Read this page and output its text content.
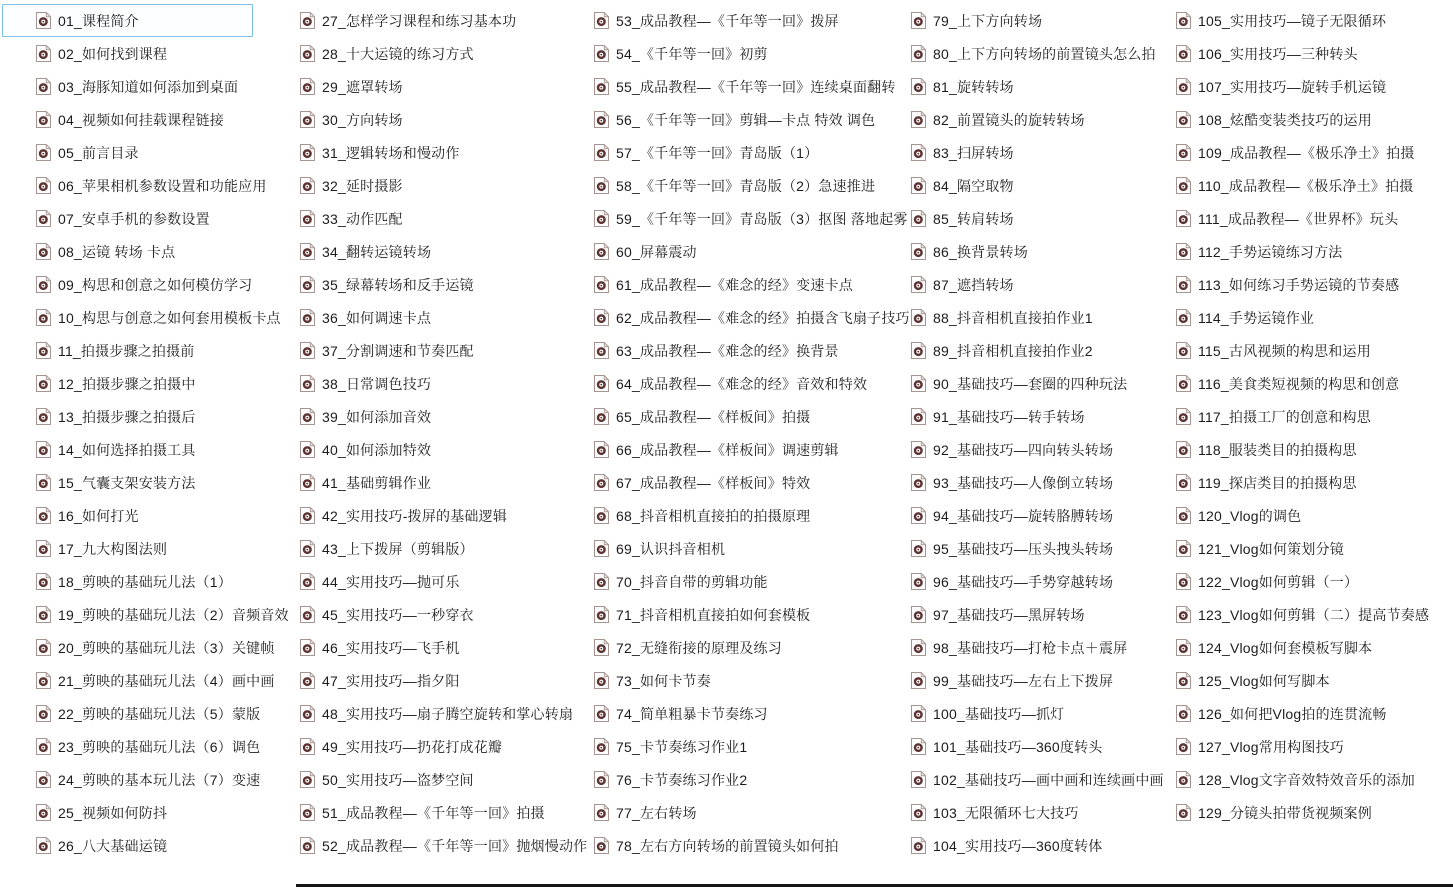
01_课程简介
02_如何找到课程
03_海豚知道如何添加到桌面
04_视频如何挂载课程链接
05_前言目录
06_苹果相机参数设置和功能应用
07_安卓手机的参数设置
08_运镜 转场 卡点
09_构思和创意之如何模仿学习
10_构思与创意之如何套用模板卡点
11_拍摄步骤之拍摄前
12_拍摄步骤之拍摄中
13_拍摄步骤之拍摄后
14_如何选择拍摄工具
15_气囊支架安装方法
16_如何打光
17_九大构图法则
18_剪映的基础玩儿法（1）
19_剪映的基础玩儿法（2）音频音效
20_剪映的基础玩儿法（3）关键帧
21_剪映的基础玩儿法（4）画中画
22_剪映的基础玩儿法（5）蒙版
23_剪映的基础玩儿法（6）调色
24_剪映的基本玩儿法（7）变速
25_视频如何防抖
26_八大基础运镜
27_怎样学习课程和练习基本功
28_十大运镜的练习方式
29_遮罩转场
30_方向转场
31_逻辑转场和慢动作
32_延时摄影
33_动作匹配
34_翻转运镜转场
35_绿幕转场和反手运镜
36_如何调速卡点
37_分割调速和节奏匹配
38_日常调色技巧
39_如何添加音效
40_如何添加特效
41_基础剪辑作业
42_实用技巧-拨屏的基础逻辑
43_上下拨屏（剪辑版）
44_实用技巧—抛可乐
45_实用技巧—一秒穿衣
46_实用技巧—飞手机
47_实用技巧—指夕阳
48_实用技巧—扇子腾空旋转和掌心转扇
49_实用技巧—扔花打成花瓣
50_实用技巧—盗梦空间
51_成品教程—《千年等一回》拍摄
52_成品教程—《千年等一回》抛烟慢动作
53_成品教程—《千年等一回》拨屏
54_《千年等一回》初剪
55_成品教程—《千年等一回》连续桌面翻转
56_《千年等一回》剪辑—卡点 特效 调色
57_《千年等一回》青岛版（1）
58_《千年等一回》青岛版（2）急速推进
59_《千年等一回》青岛版（3）抠图 落地起雾
60_屏幕震动
61_成品教程—《难念的经》变速卡点
62_成品教程—《难念的经》拍摄含飞扇子技巧
63_成品教程—《难念的经》换背景
64_成品教程—《难念的经》音效和特效
65_成品教程—《样板间》拍摄
66_成品教程—《样板间》调速剪辑
67_成品教程—《样板间》特效
68_抖音相机直接拍的拍摄原理
69_认识抖音相机
70_抖音自带的剪辑功能
71_抖音相机直接拍如何套模板
72_无缝衔接的原理及练习
73_如何卡节奏
74_简单粗暴卡节奏练习
75_卡节奏练习作业1
76_卡节奏练习作业2
77_左右转场
78_左右方向转场的前置镜头如何拍
79_上下方向转场
80_上下方向转场的前置镜头怎么拍
81_旋转转场
82_前置镜头的旋转转场
83_扫屏转场
84_隔空取物
85_转肩转场
86_换背景转场
87_遮挡转场
88_抖音相机直接拍作业1
89_抖音相机直接拍作业2
90_基础技巧—套圈的四种玩法
91_基础技巧—转手转场
92_基础技巧—四向转头转场
93_基础技巧—人像倒立转场
94_基础技巧—旋转胳膊转场
95_基础技巧—压头拽头转场
96_基础技巧—手势穿越转场
97_基础技巧—黑屏转场
98_基础技巧—打枪卡点＋震屏
99_基础技巧—左右上下拨屏
100_基础技巧—抓灯
101_基础技巧—360度转头
102_基础技巧—画中画和连续画中画
103_无限循环七大技巧
104_实用技巧—360度转体
105_实用技巧—镜子无限循环
106_实用技巧—三种转头
107_实用技巧—旋转手机运镜
108_炫酷变装类技巧的运用
109_成品教程—《极乐净土》拍摄
110_成品教程—《极乐净土》拍摄
111_成品教程—《世界杯》玩头
112_手势运镜练习方法
113_如何练习手势运镜的节奏感
114_手势运镜作业
115_古风视频的构思和运用
116_美食类短视频的构思和创意
117_拍摄工厂的创意和构思
118_服装类目的拍摄构思
119_探店类目的拍摄构思
120_Vlog的调色
121_Vlog如何策划分镜
122_Vlog如何剪辑（一）
123_Vlog如何剪辑（二）提高节奏感
124_Vlog如何套模板写脚本
125_Vlog如何写脚本
126_如何把Vlog拍的连贯流畅
127_Vlog常用构图技巧
128_Vlog文字音效特效音乐的添加
129_分镜头拍带货视频案例
